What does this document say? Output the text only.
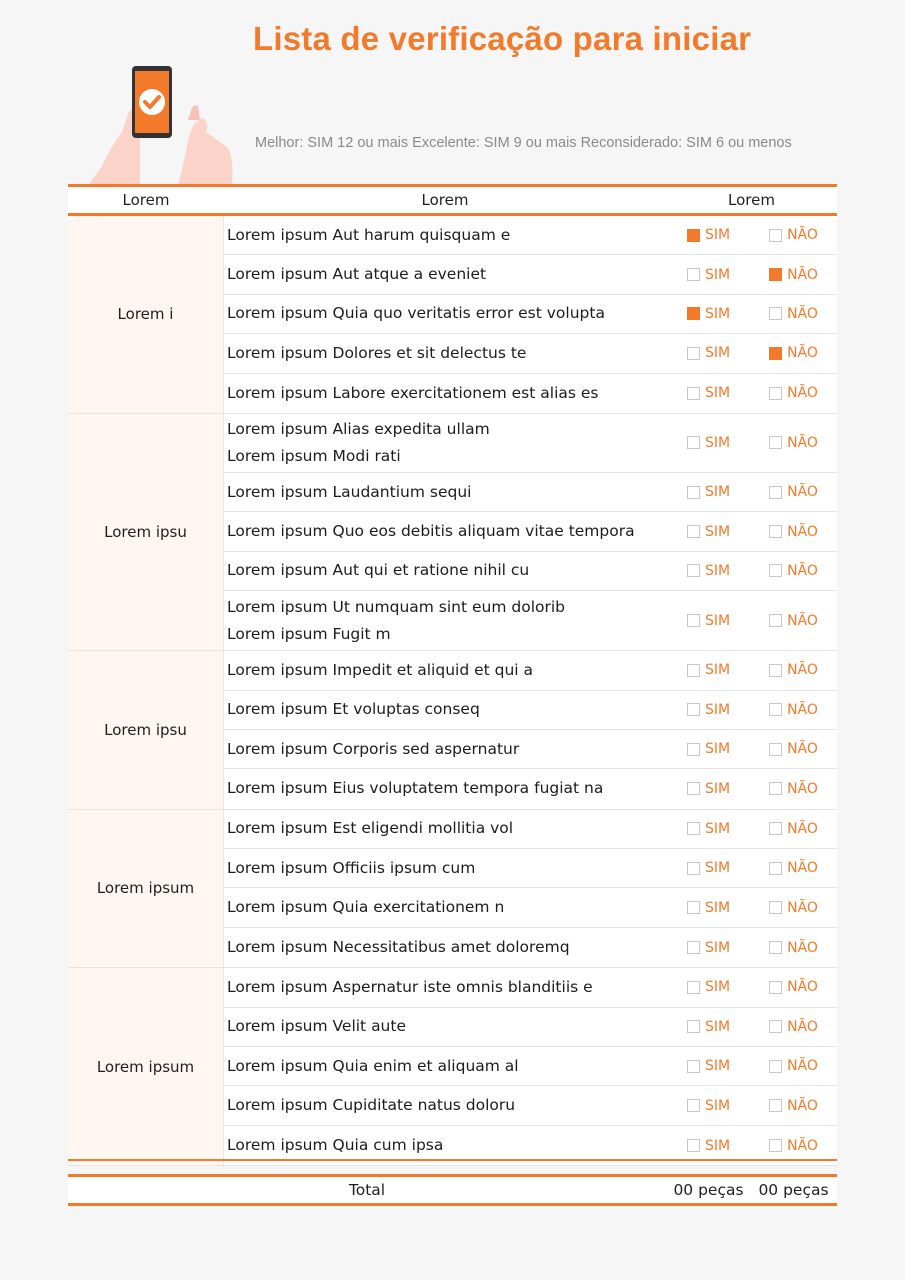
Lista de verificação para iniciar
Melhor: SIM 12 ou mais Excelente: SIM 9 ou mais Reconsiderado: SIM 6 ou menos
Lorem	Lorem	Lorem
Lorem i
Lorem ipsum Aut harum quisquam e	SIM	NÃO
Lorem ipsum Aut atque a eveniet	SIM	NÃO
Lorem ipsum Quia quo veritatis error est volupta	SIM	NÃO
Lorem ipsum Dolores et sit delectus te	SIM	NÃO
Lorem ipsum Labore exercitationem est alias es	SIM	NÃO
Lorem ipsu
Lorem ipsum Alias expedita ullam
Lorem ipsum Modi rati
SIM	NÃO
Lorem ipsum Laudantium sequi	SIM	NÃO
Lorem ipsum Quo eos debitis aliquam vitae tempora	SIM	NÃO
Lorem ipsum Aut qui et ratione nihil cu	SIM	NÃO
Lorem ipsum Ut numquam sint eum dolorib
Lorem ipsum Fugit m
SIM	NÃO
Lorem ipsu
Lorem ipsum Impedit et aliquid et qui a	SIM	NÃO
Lorem ipsum Et voluptas conseq	SIM	NÃO
Lorem ipsum Corporis sed aspernatur	SIM	NÃO
Lorem ipsum Eius voluptatem tempora fugiat na	SIM	NÃO
Lorem ipsum
Lorem ipsum Est eligendi mollitia vol	SIM	NÃO
Lorem ipsum Officiis ipsum cum	SIM	NÃO
Lorem ipsum Quia exercitationem n	SIM	NÃO
Lorem ipsum Necessitatibus amet doloremq	SIM	NÃO
Lorem ipsum
Lorem ipsum Aspernatur iste omnis blanditiis e	SIM	NÃO
Lorem ipsum Velit aute	SIM	NÃO
Lorem ipsum Quia enim et aliquam al	SIM	NÃO
Lorem ipsum Cupiditate natus doloru	SIM	NÃO
Lorem ipsum Quia cum ipsa	SIM	NÃO
Total	00 peças 00 peças
